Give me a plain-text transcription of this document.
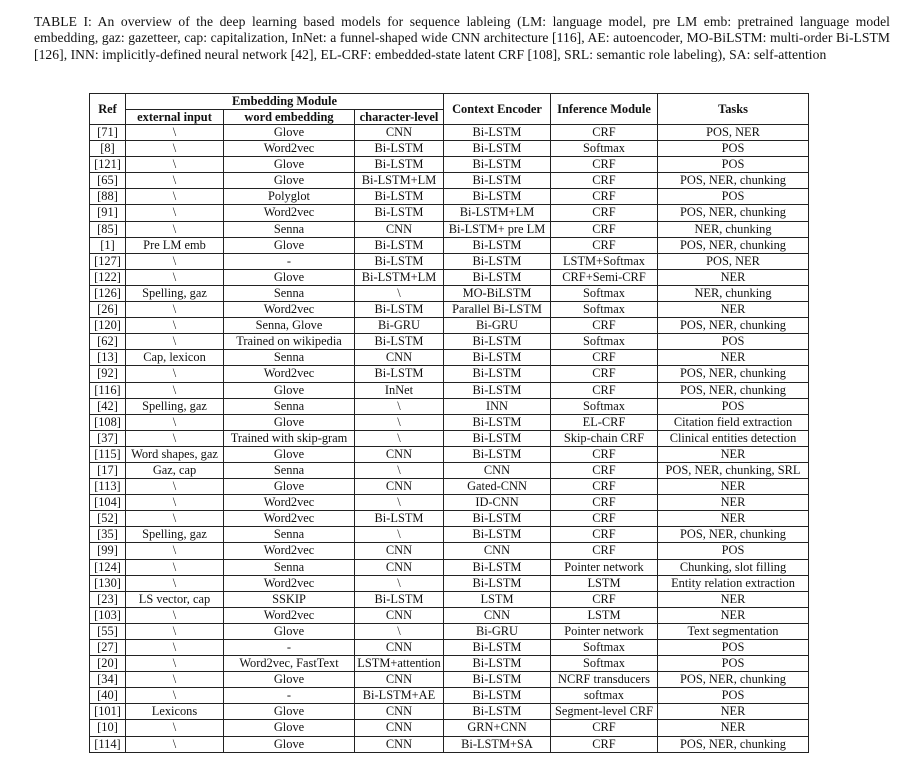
TABLE I: An overview of the deep learning based models for sequence lableing (LM: language model, pre LM emb: pretrained language model embedding, gaz: gazetteer, cap: capitalization, InNet: a funnel-shaped wide CNN architecture [116], AE: autoencoder, MO-BiLSTM: multi-order Bi-LSTM [126], INN: implicitly-defined neural network [42], EL-CRF: embedded-state latent CRF [108], SRL: semantic role labeling), SA: self-attention
Ref	Embedding Module			Context Encoder	Inference Module	Tasks
	external input	word embedding	character-level			
[71]	\	Glove	CNN	Bi-LSTM	CRF	POS, NER
[8]	\	Word2vec	Bi-LSTM	Bi-LSTM	Softmax	POS
[121]	\	Glove	Bi-LSTM	Bi-LSTM	CRF	POS
[65]	\	Glove	Bi-LSTM+LM	Bi-LSTM	CRF	POS, NER, chunking
[88]	\	Polyglot	Bi-LSTM	Bi-LSTM	CRF	POS
[91]	\	Word2vec	Bi-LSTM	Bi-LSTM+LM	CRF	POS, NER, chunking
[85]	\	Senna	CNN	Bi-LSTM+ pre LM	CRF	NER, chunking
[1]	Pre LM emb	Glove	Bi-LSTM	Bi-LSTM	CRF	POS, NER, chunking
[127]	\	-	Bi-LSTM	Bi-LSTM	LSTM+Softmax	POS, NER
[122]	\	Glove	Bi-LSTM+LM	Bi-LSTM	CRF+Semi-CRF	NER
[126]	Spelling, gaz	Senna	\	MO-BiLSTM	Softmax	NER, chunking
[26]	\	Word2vec	Bi-LSTM	Parallel Bi-LSTM	Softmax	NER
[120]	\	Senna, Glove	Bi-GRU	Bi-GRU	CRF	POS, NER, chunking
[62]	\	Trained on wikipedia	Bi-LSTM	Bi-LSTM	Softmax	POS
[13]	Cap, lexicon	Senna	CNN	Bi-LSTM	CRF	NER
[92]	\	Word2vec	Bi-LSTM	Bi-LSTM	CRF	POS, NER, chunking
[116]	\	Glove	InNet	Bi-LSTM	CRF	POS, NER, chunking
[42]	Spelling, gaz	Senna	\	INN	Softmax	POS
[108]	\	Glove	\	Bi-LSTM	EL-CRF	Citation field extraction
[37]	\	Trained with skip-gram	\	Bi-LSTM	Skip-chain CRF	Clinical entities detection
[115]	Word shapes, gaz	Glove	CNN	Bi-LSTM	CRF	NER
[17]	Gaz, cap	Senna	\	CNN	CRF	POS, NER, chunking, SRL
[113]	\	Glove	CNN	Gated-CNN	CRF	NER
[104]	\	Word2vec	\	ID-CNN	CRF	NER
[52]	\	Word2vec	Bi-LSTM	Bi-LSTM	CRF	NER
[35]	Spelling, gaz	Senna	\	Bi-LSTM	CRF	POS, NER, chunking
[99]	\	Word2vec	CNN	CNN	CRF	POS
[124]	\	Senna	CNN	Bi-LSTM	Pointer network	Chunking, slot filling
[130]	\	Word2vec	\	Bi-LSTM	LSTM	Entity relation extraction
[23]	LS vector, cap	SSKIP	Bi-LSTM	LSTM	CRF	NER
[103]	\	Word2vec	CNN	CNN	LSTM	NER
[55]	\	Glove	\	Bi-GRU	Pointer network	Text segmentation
[27]	\	-	CNN	Bi-LSTM	Softmax	POS
[20]	\	Word2vec, FastText	LSTM+attention	Bi-LSTM	Softmax	POS
[34]	\	Glove	CNN	Bi-LSTM	NCRF transducers	POS, NER, chunking
[40]	\	-	Bi-LSTM+AE	Bi-LSTM	softmax	POS
[101]	Lexicons	Glove	CNN	Bi-LSTM	Segment-level CRF	NER
[10]	\	Glove	CNN	GRN+CNN	CRF	NER
[114]	\	Glove	CNN	Bi-LSTM+SA	CRF	POS, NER, chunking
